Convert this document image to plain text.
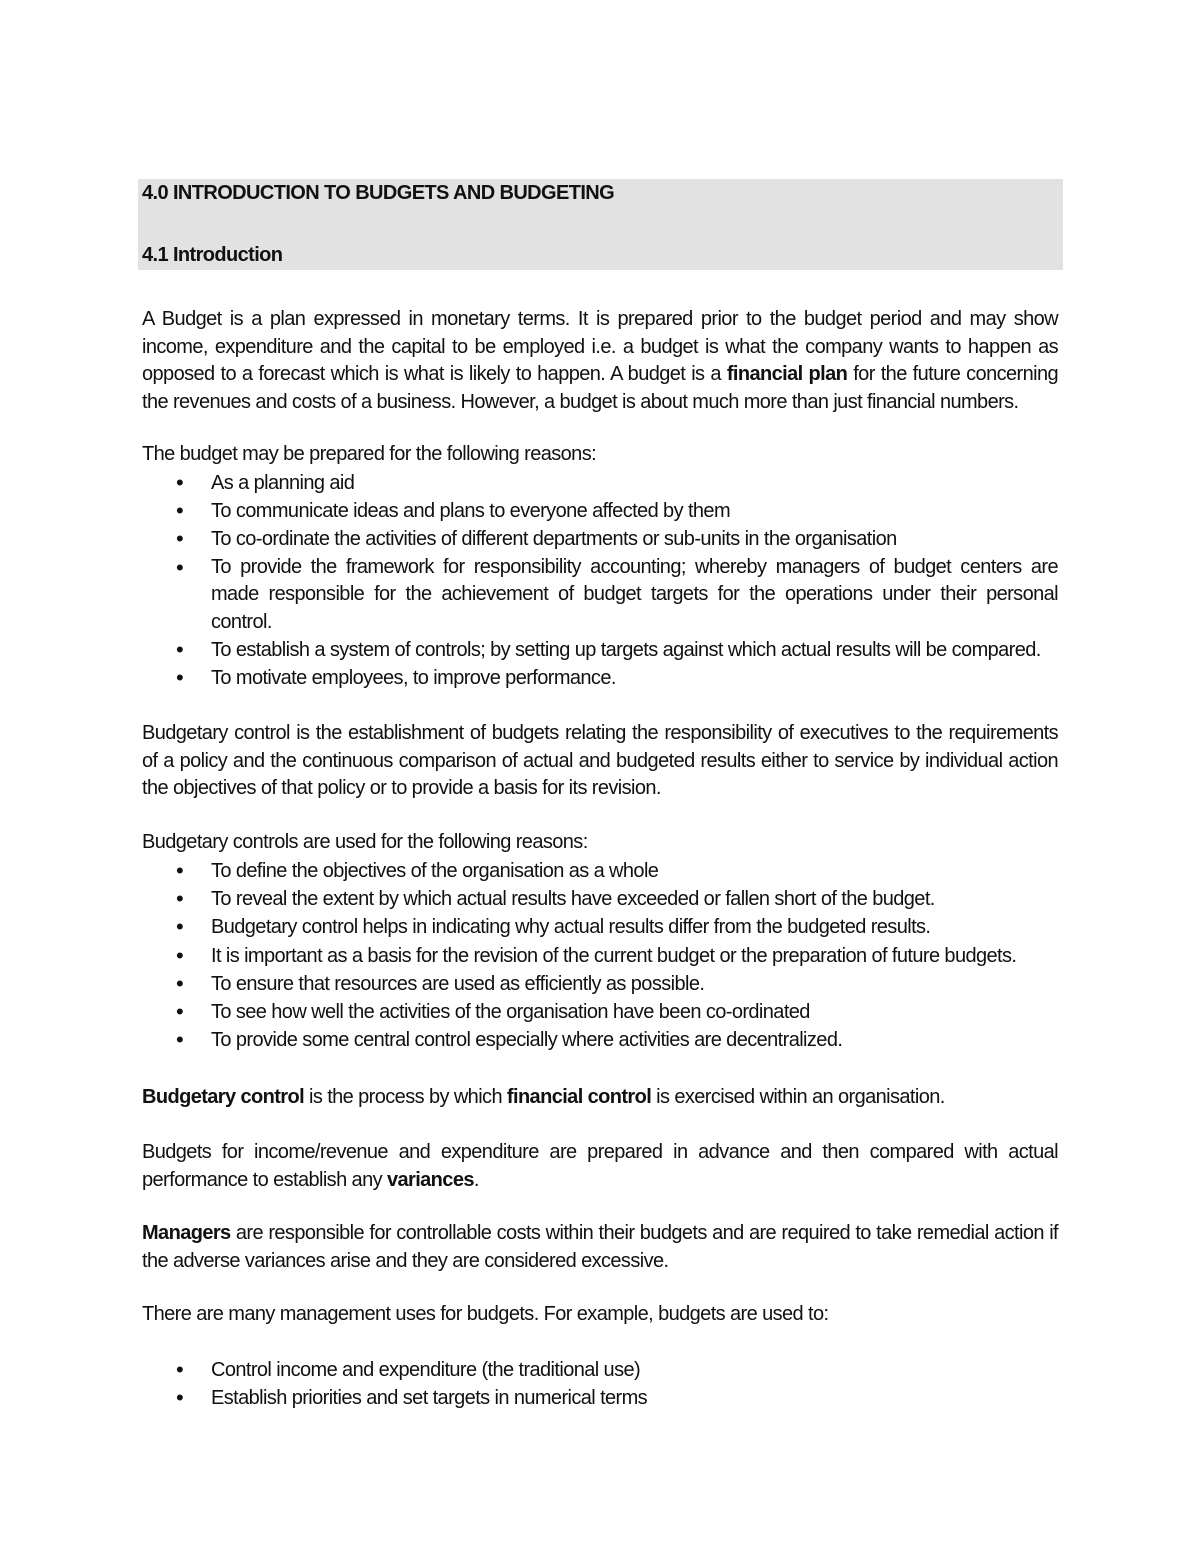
4.0 INTRODUCTION TO BUDGETS AND BUDGETING
4.1 Introduction

A Budget is a plan expressed in monetary terms. It is prepared prior to the budget period and may show income, expenditure and the capital to be employed i.e. a budget is what the company wants to happen as opposed to a forecast which is what is likely to happen. A budget is a financial plan for the future concerning the revenues and costs of a business. However, a budget is about much more than just financial numbers.

The budget may be prepared for the following reasons:

• As a planning aid
• To communicate ideas and plans to everyone affected by them
• To co-ordinate the activities of different departments or sub-units in the organisation
• To provide the framework for responsibility accounting; whereby managers of budget centers are made responsible for the achievement of budget targets for the operations under their personal control.
• To establish a system of controls; by setting up targets against which actual results will be compared.
• To motivate employees, to improve performance.

Budgetary control is the establishment of budgets relating the responsibility of executives to the requirements of a policy and the continuous comparison of actual and budgeted results either to service by individual action the objectives of that policy or to provide a basis for its revision.

Budgetary controls are used for the following reasons:

• To define the objectives of the organisation as a whole
• To reveal the extent by which actual results have exceeded or fallen short of the budget.
• Budgetary control helps in indicating why actual results differ from the budgeted results.
• It is important as a basis for the revision of the current budget or the preparation of future budgets.
• To ensure that resources are used as efficiently as possible.
• To see how well the activities of the organisation have been co-ordinated
• To provide some central control especially where activities are decentralized.

Budgetary control is the process by which financial control is exercised within an organisation.

Budgets for income/revenue and expenditure are prepared in advance and then compared with actual performance to establish any variances.

Managers are responsible for controllable costs within their budgets and are required to take remedial action if the adverse variances arise and they are considered excessive.

There are many management uses for budgets. For example, budgets are used to:

• Control income and expenditure (the traditional use)
• Establish priorities and set targets in numerical terms
